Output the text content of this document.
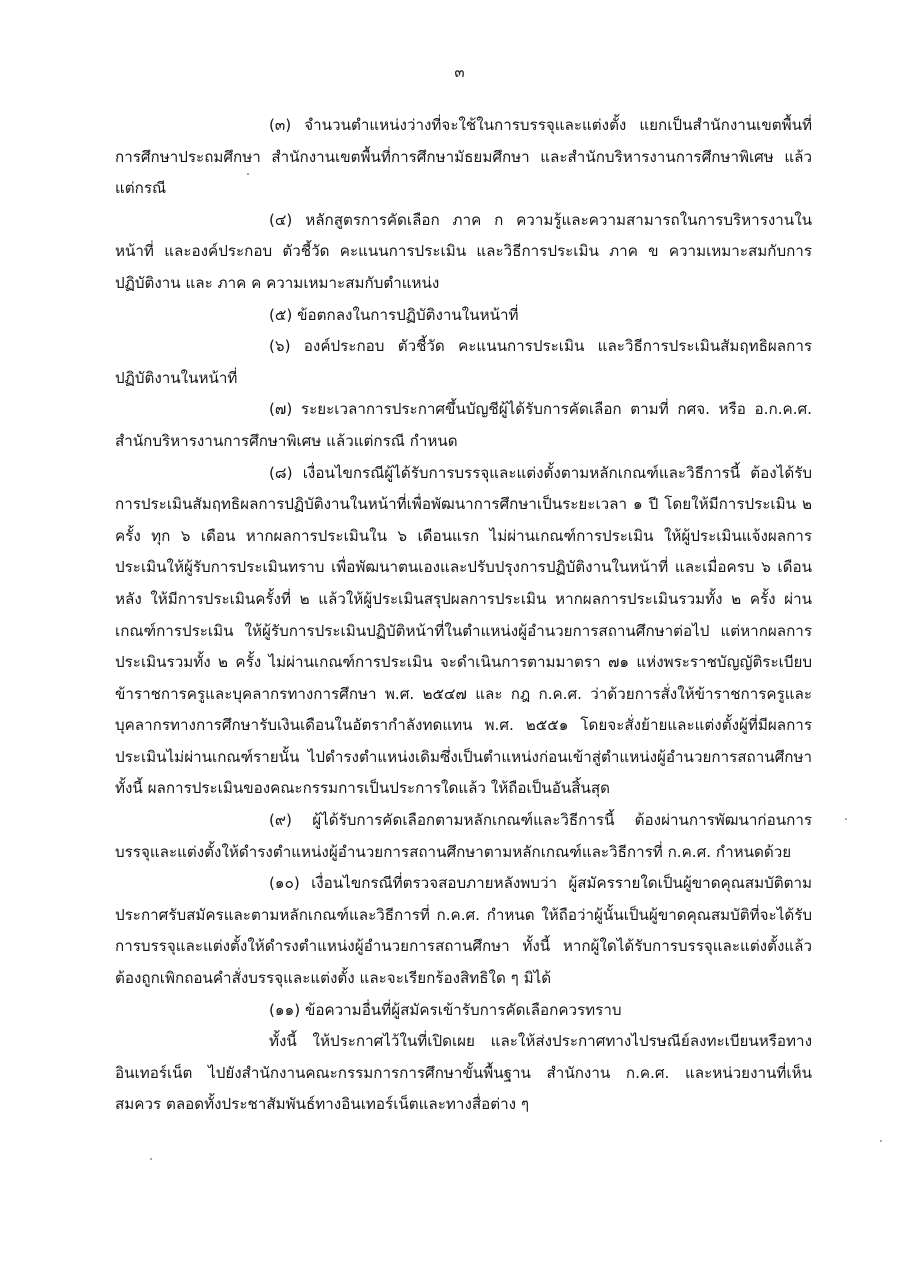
๓

(๓) จำนวนตำแหน่งว่างที่จะใช้ในการบรรจุและแต่งตั้ง แยกเป็นสำนักงานเขตพื้นที่การศึกษาประถมศึกษา สำนักงานเขตพื้นที่การศึกษามัธยมศึกษา และสำนักบริหารงานการศึกษาพิเศษ แล้วแต่กรณี

(๔) หลักสูตรการคัดเลือก ภาค ก ความรู้และความสามารถในการบริหารงานในหน้าที่ และองค์ประกอบ ตัวชี้วัด คะแนนการประเมิน และวิธีการประเมิน ภาค ข ความเหมาะสมกับการปฏิบัติงาน และ ภาค ค ความเหมาะสมกับตำแหน่ง

(๕) ข้อตกลงในการปฏิบัติงานในหน้าที่

(๖) องค์ประกอบ ตัวชี้วัด คะแนนการประเมิน และวิธีการประเมินสัมฤทธิผลการปฏิบัติงานในหน้าที่

(๗) ระยะเวลาการประกาศขึ้นบัญชีผู้ได้รับการคัดเลือก ตามที่ กศจ. หรือ อ.ก.ค.ศ. สำนักบริหารงานการศึกษาพิเศษ แล้วแต่กรณี กำหนด

(๘) เงื่อนไขกรณีผู้ได้รับการบรรจุและแต่งตั้งตามหลักเกณฑ์และวิธีการนี้ ต้องได้รับการประเมินสัมฤทธิผลการปฏิบัติงานในหน้าที่เพื่อพัฒนาการศึกษาเป็นระยะเวลา ๑ ปี โดยให้มีการประเมิน ๒ ครั้ง ทุก ๖ เดือน หากผลการประเมินใน ๖ เดือนแรก ไม่ผ่านเกณฑ์การประเมิน ให้ผู้ประเมินแจ้งผลการประเมินให้ผู้รับการประเมินทราบ เพื่อพัฒนาตนเองและปรับปรุงการปฏิบัติงานในหน้าที่ และเมื่อครบ ๖ เดือนหลัง ให้มีการประเมินครั้งที่ ๒ แล้วให้ผู้ประเมินสรุปผลการประเมิน หากผลการประเมินรวมทั้ง ๒ ครั้ง ผ่านเกณฑ์การประเมิน ให้ผู้รับการประเมินปฏิบัติหน้าที่ในตำแหน่งผู้อำนวยการสถานศึกษาต่อไป แต่หากผลการประเมินรวมทั้ง ๒ ครั้ง ไม่ผ่านเกณฑ์การประเมิน จะดำเนินการตามมาตรา ๗๑ แห่งพระราชบัญญัติระเบียบข้าราชการครูและบุคลากรทางการศึกษา พ.ศ. ๒๕๔๗ และ กฎ ก.ค.ศ. ว่าด้วยการสั่งให้ข้าราชการครูและบุคลากรทางการศึกษารับเงินเดือนในอัตรากำลังทดแทน พ.ศ. ๒๕๕๑ โดยจะสั่งย้ายและแต่งตั้งผู้ที่มีผลการประเมินไม่ผ่านเกณฑ์รายนั้น ไปดำรงตำแหน่งเดิมซึ่งเป็นตำแหน่งก่อนเข้าสู่ตำแหน่งผู้อำนวยการสถานศึกษา ทั้งนี้ ผลการประเมินของคณะกรรมการเป็นประการใดแล้ว ให้ถือเป็นอันสิ้นสุด

(๙) ผู้ได้รับการคัดเลือกตามหลักเกณฑ์และวิธีการนี้ ต้องผ่านการพัฒนาก่อนการบรรจุและแต่งตั้งให้ดำรงตำแหน่งผู้อำนวยการสถานศึกษาตามหลักเกณฑ์และวิธีการที่ ก.ค.ศ. กำหนดด้วย

(๑๐) เงื่อนไขกรณีที่ตรวจสอบภายหลังพบว่า ผู้สมัครรายใดเป็นผู้ขาดคุณสมบัติตามประกาศรับสมัครและตามหลักเกณฑ์และวิธีการที่ ก.ค.ศ. กำหนด ให้ถือว่าผู้นั้นเป็นผู้ขาดคุณสมบัติที่จะได้รับการบรรจุและแต่งตั้งให้ดำรงตำแหน่งผู้อำนวยการสถานศึกษา ทั้งนี้ หากผู้ใดได้รับการบรรจุและแต่งตั้งแล้ว ต้องถูกเพิกถอนคำสั่งบรรจุและแต่งตั้ง และจะเรียกร้องสิทธิใด ๆ มิได้

(๑๑) ข้อความอื่นที่ผู้สมัครเข้ารับการคัดเลือกควรทราบ

ทั้งนี้ ให้ประกาศไว้ในที่เปิดเผย และให้ส่งประกาศทางไปรษณีย์ลงทะเบียนหรือทางอินเทอร์เน็ต ไปยังสำนักงานคณะกรรมการการศึกษาขั้นพื้นฐาน สำนักงาน ก.ค.ศ. และหน่วยงานที่เห็นสมควร ตลอดทั้งประชาสัมพันธ์ทางอินเทอร์เน็ตและทางสื่อต่าง ๆ
